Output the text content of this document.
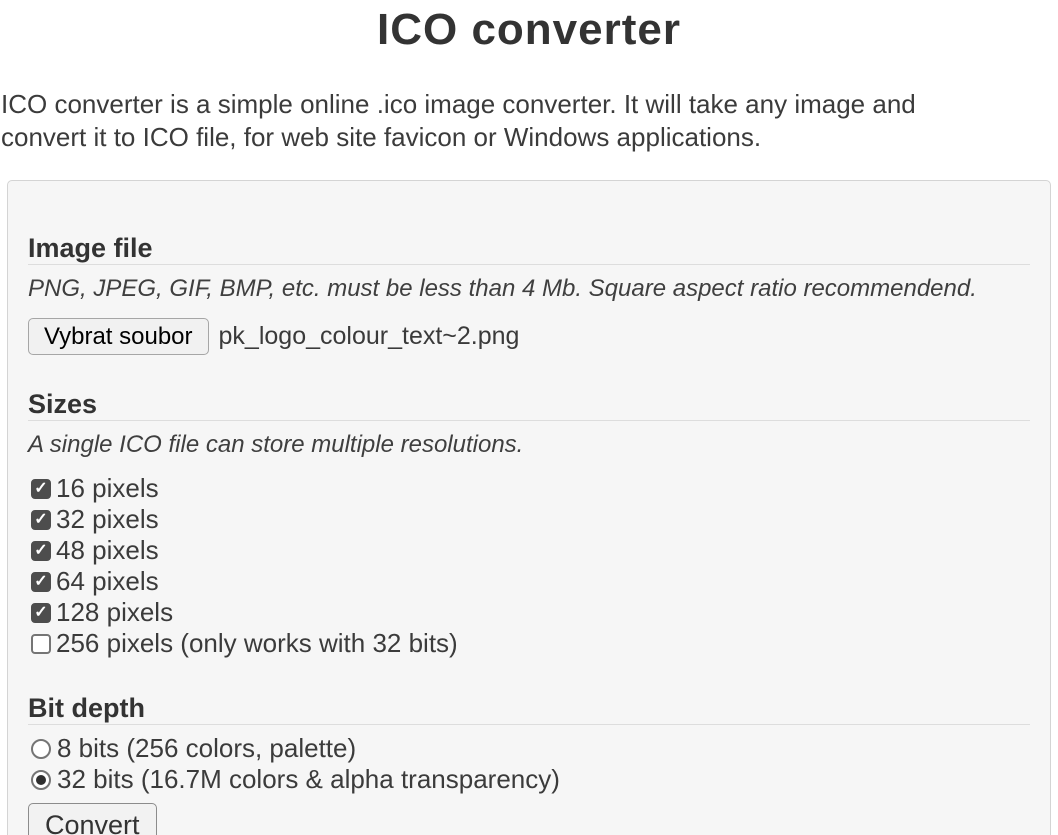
ICO converter

ICO converter is a simple online .ico image converter. It will take any image and convert it to ICO file, for web site favicon or Windows applications.

Image file

PNG, JPEG, GIF, BMP, etc. must be less than 4 Mb. Square aspect ratio recommendend.

Vybrat soubor	pk_logo_colour_text~2.png
Sizes

A single ICO file can store multiple resolutions.

✓ 16 pixels
✓ 32 pixels
✓ 48 pixels
✓ 64 pixels
✓ 128 pixels
256 pixels (only works with 32 bits)
Bit depth
8 bits (256 colors, palette)
32 bits (16.7M colors & alpha transparency)
Convert
